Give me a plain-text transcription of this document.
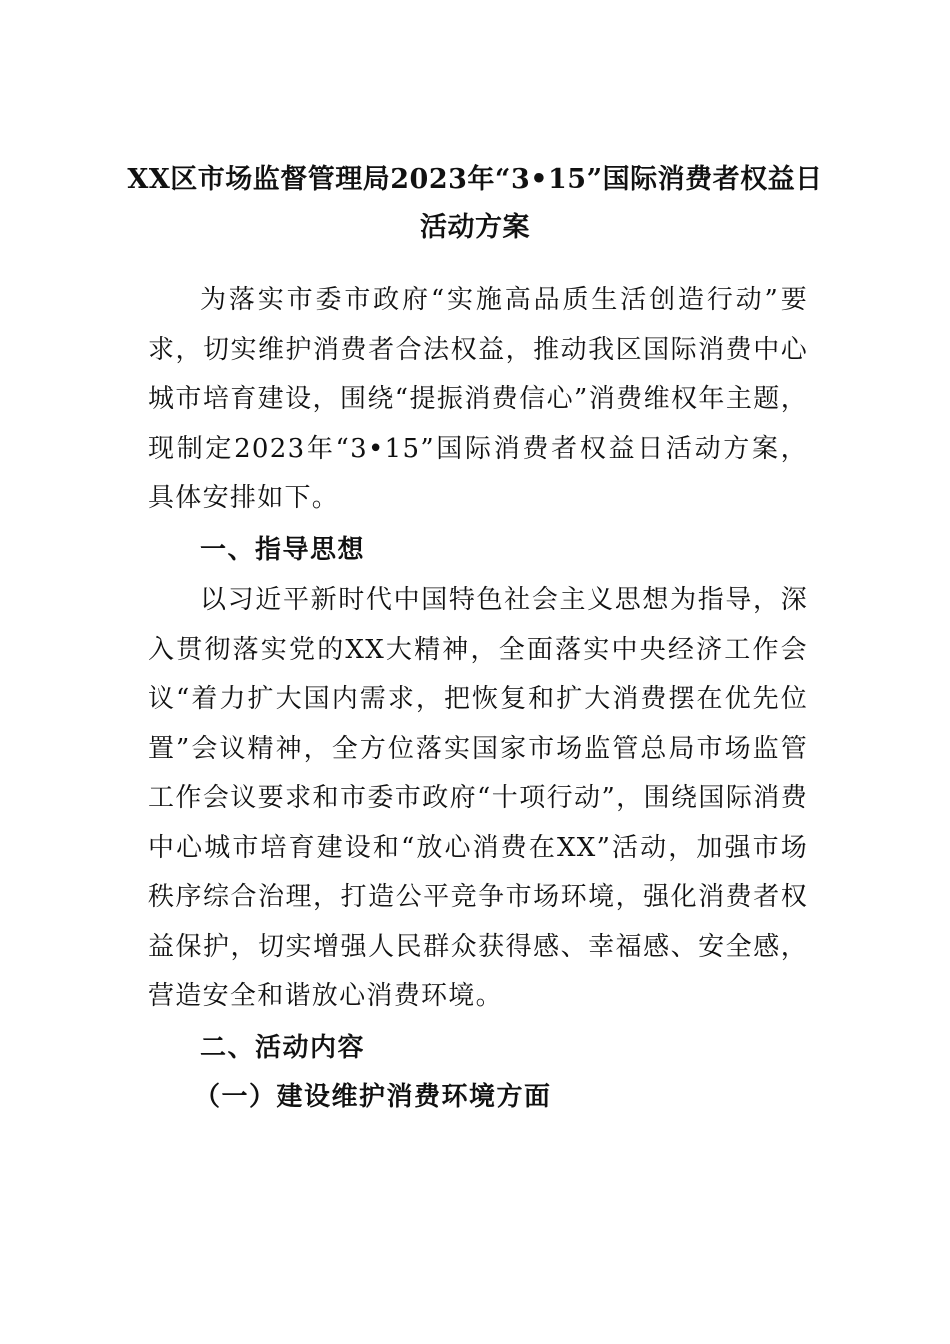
XX区市场监督管理局2023年“3•15”国际消费者权益日
活动方案

为落实市委市政府“实施高品质生活创造行动”要求，切实维护消费者合法权益，推动我区国际消费中心城市培育建设，围绕“提振消费信心”消费维权年主题，现制定2023年“3•15”国际消费者权益日活动方案，具体安排如下。

一、指导思想

以习近平新时代中国特色社会主义思想为指导，深入贯彻落实党的XX大精神，全面落实中央经济工作会议“着力扩大国内需求，把恢复和扩大消费摆在优先位置”会议精神，全方位落实国家市场监管总局市场监管工作会议要求和市委市政府“十项行动”，围绕国际消费中心城市培育建设和“放心消费在XX”活动，加强市场秩序综合治理，打造公平竞争市场环境，强化消费者权益保护，切实增强人民群众获得感、幸福感、安全感，营造安全和谐放心消费环境。

二、活动内容

（一）建设维护消费环境方面
